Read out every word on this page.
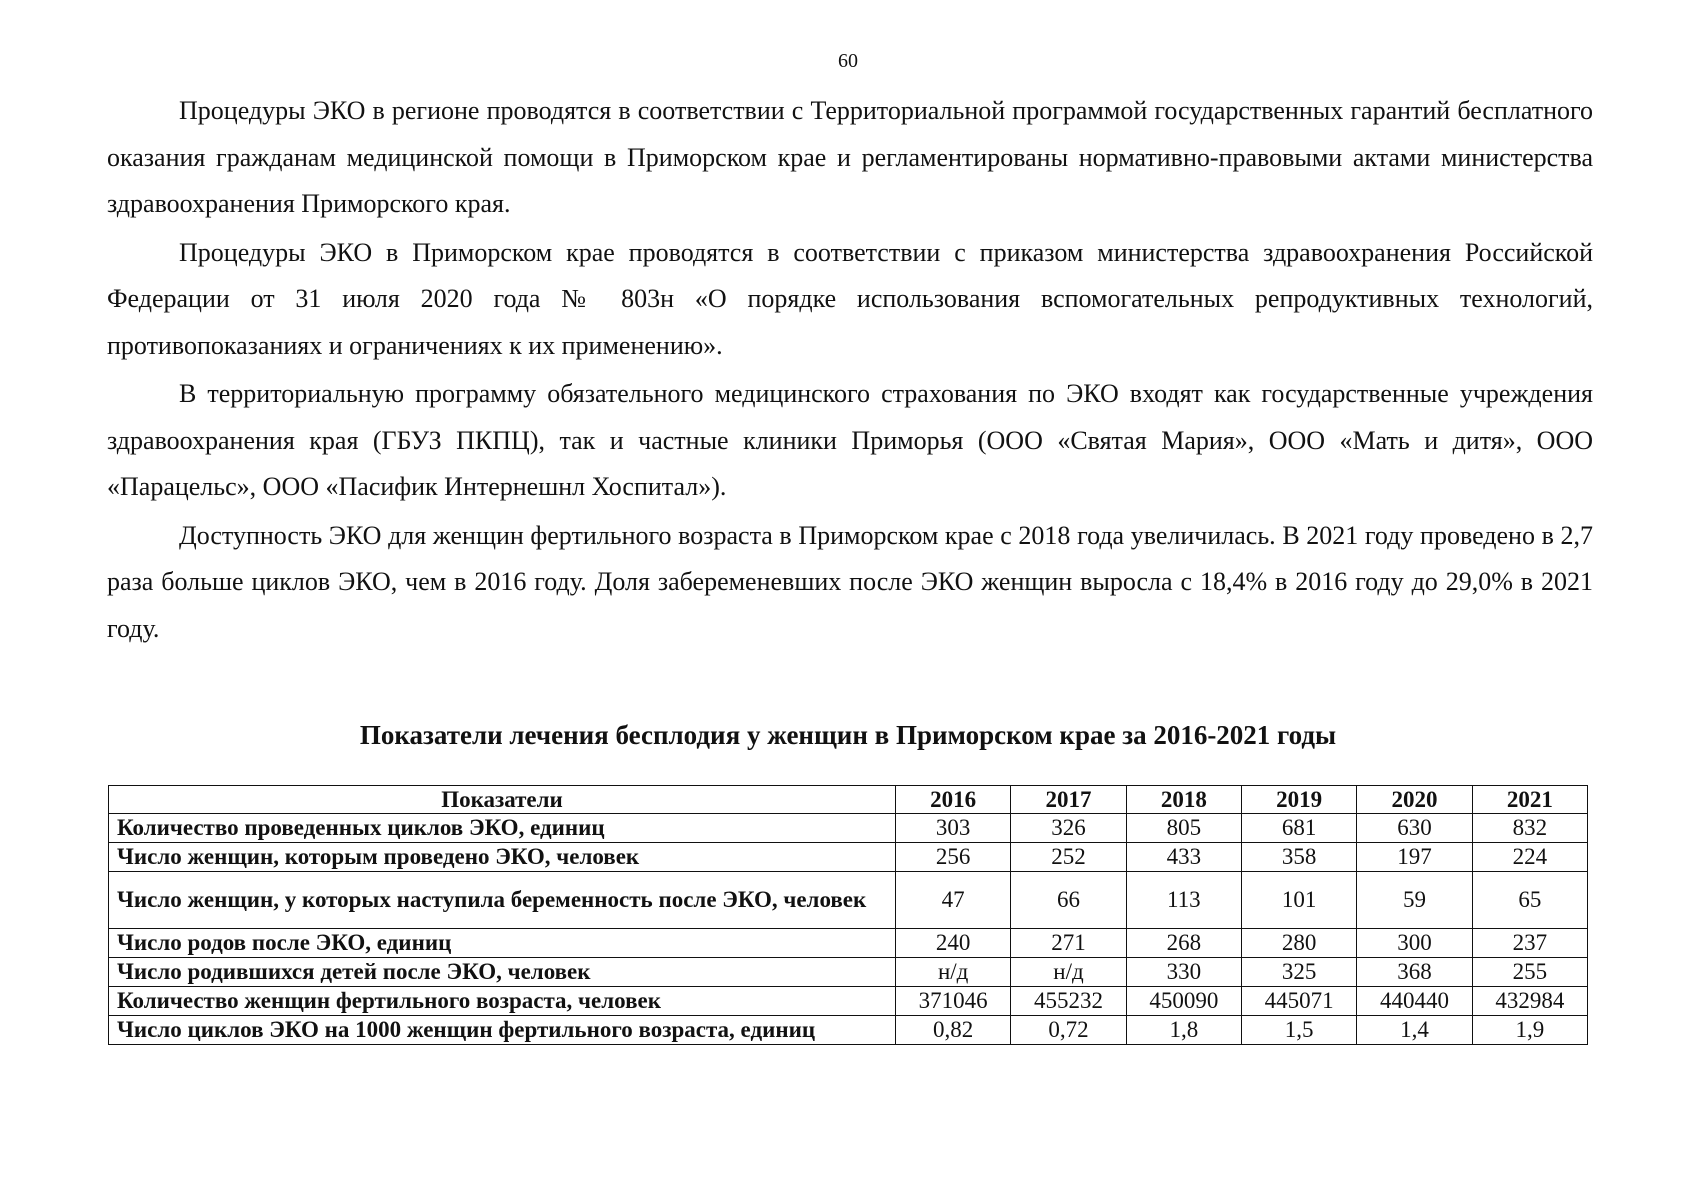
60

Процедуры ЭКО в регионе проводятся в соответствии с Территориальной программой государственных гарантий бесплатного оказания гражданам медицинской помощи в Приморском крае и регламентированы нормативно-правовыми актами министерства здравоохранения Приморского края.

Процедуры ЭКО в Приморском крае проводятся в соответствии с приказом министерства здравоохранения Российской Федерации от 31 июля 2020 года № 803н «О порядке использования вспомогательных репродуктивных технологий, противопоказаниях и ограничениях к их применению».

В территориальную программу обязательного медицинского страхования по ЭКО входят как государственные учреждения здравоохранения края (ГБУЗ ПКПЦ), так и частные клиники Приморья (ООО «Святая Мария», ООО «Мать и дитя», ООО «Парацельс», ООО «Пасифик Интернешнл Хоспитал»).

Доступность ЭКО для женщин фертильного возраста в Приморском крае с 2018 года увеличилась. В 2021 году проведено в 2,7 раза больше циклов ЭКО, чем в 2016 году. Доля забеременевших после ЭКО женщин выросла с 18,4% в 2016 году до 29,0% в 2021 году.

Показатели лечения бесплодия у женщин в Приморском крае за 2016-2021 годы
Показатели	2016	2017	2018	2019	2020	2021
Количество проведенных циклов ЭКО, единиц	303	326	805	681	630	832
Число женщин, которым проведено ЭКО, человек	256	252	433	358	197	224
Число женщин, у которых наступила беременность после ЭКО, человек	47	66	113	101	59	65
Число родов после ЭКО, единиц	240	271	268	280	300	237
Число родившихся детей после ЭКО, человек	н/д	н/д	330	325	368	255
Количество женщин фертильного возраста, человек	371046	455232	450090	445071	440440	432984
Число циклов ЭКО на 1000 женщин фертильного возраста, единиц	0,82	0,72	1,8	1,5	1,4	1,9
